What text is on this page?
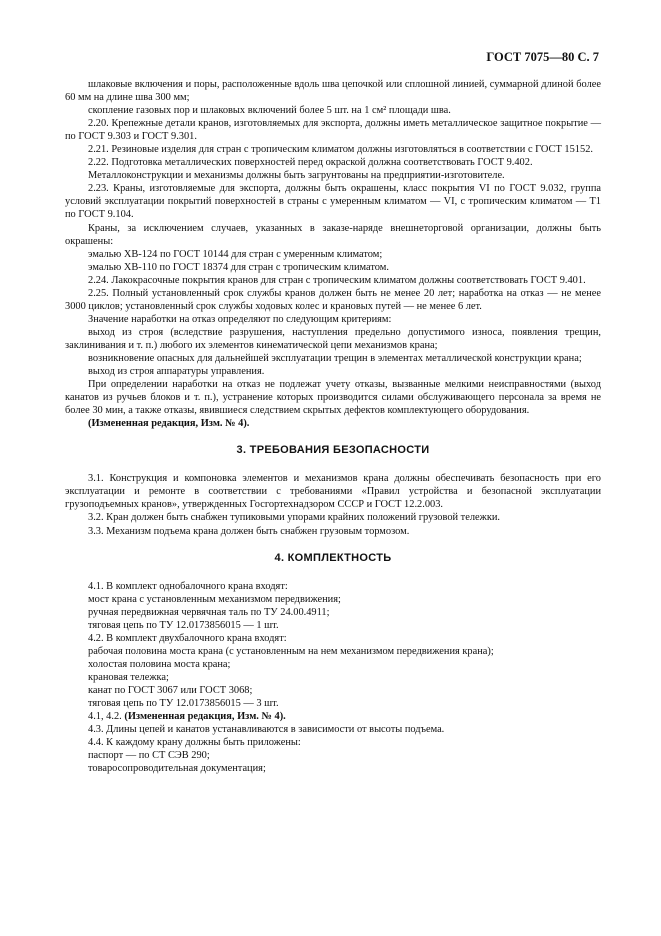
ГОСТ 7075—80 С. 7

шлаковые включения и поры, расположенные вдоль шва цепочкой или сплошной линией, суммарной длиной более 60 мм на длине шва 300 мм;

скопление газовых пор и шлаковых включений более 5 шт. на 1 см² площади шва.

2.20. Крепежные детали кранов, изготовляемых для экспорта, должны иметь металлическое защитное покрытие — по ГОСТ 9.303 и ГОСТ 9.301.

2.21. Резиновые изделия для стран с тропическим климатом должны изготовляться в соответствии с ГОСТ 15152.

2.22. Подготовка металлических поверхностей перед окраской должна соответствовать ГОСТ 9.402.

Металлоконструкции и механизмы должны быть загрунтованы на предприятии-изготовителе.

2.23. Краны, изготовляемые для экспорта, должны быть окрашены, класс покрытия VI по ГОСТ 9.032, группа условий эксплуатации покрытий поверхностей в страны с умеренным климатом — VI, с тропическим климатом — Т1 по ГОСТ 9.104.

Краны, за исключением случаев, указанных в заказе-наряде внешнеторговой организации, должны быть окрашены:

эмалью ХВ-124 по ГОСТ 10144 для стран с умеренным климатом;

эмалью ХВ-110 по ГОСТ 18374 для стран с тропическим климатом.

2.24. Лакокрасочные покрытия кранов для стран с тропическим климатом должны соответствовать ГОСТ 9.401.

2.25. Полный установленный срок службы кранов должен быть не менее 20 лет; наработка на отказ — не менее 3000 циклов; установленный срок службы ходовых колес и крановых путей — не менее 6 лет.

Значение наработки на отказ определяют по следующим критериям:

выход из строя (вследствие разрушения, наступления предельно допустимого износа, появления трещин, заклинивания и т. п.) любого их элементов кинематической цепи механизмов крана;

возникновение опасных для дальнейшей эксплуатации трещин в элементах металлической конструкции крана;

выход из строя аппаратуры управления.

При определении наработки на отказ не подлежат учету отказы, вызванные мелкими неисправностями (выход канатов из ручьев блоков и т. п.), устранение которых производится силами обслуживающего персонала за время не более 30 мин, а также отказы, явившиеся следствием скрытых дефектов комплектующего оборудования.

(Измененная редакция, Изм. № 4).

3. ТРЕБОВАНИЯ БЕЗОПАСНОСТИ

3.1. Конструкция и компоновка элементов и механизмов крана должны обеспечивать безопасность при его эксплуатации и ремонте в соответствии с требованиями «Правил устройства и безопасной эксплуатации грузоподъемных кранов», утвержденных Госгортехнадзором СССР и ГОСТ 12.2.003.

3.2. Кран должен быть снабжен тупиковыми упорами крайних положений грузовой тележки.

3.3. Механизм подъема крана должен быть снабжен грузовым тормозом.

4. КОМПЛЕКТНОСТЬ

4.1. В комплект однобалочного крана входят:

мост крана с установленным механизмом передвижения;

ручная передвижная червячная таль по ТУ 24.00.4911;

тяговая цепь по ТУ 12.0173856015 — 1 шт.

4.2. В комплект двухбалочного крана входят:

рабочая половина моста крана (с установленным на нем механизмом передвижения крана);

холостая половина моста крана;

крановая тележка;

канат по ГОСТ 3067 или ГОСТ 3068;

тяговая цепь по ТУ 12.0173856015 — 3 шт.

4.1, 4.2. (Измененная редакция, Изм. № 4).

4.3. Длины цепей и канатов устанавливаются в зависимости от высоты подъема.

4.4. К каждому крану должны быть приложены:

паспорт — по СТ СЭВ 290;

товаросопроводительная документация;
